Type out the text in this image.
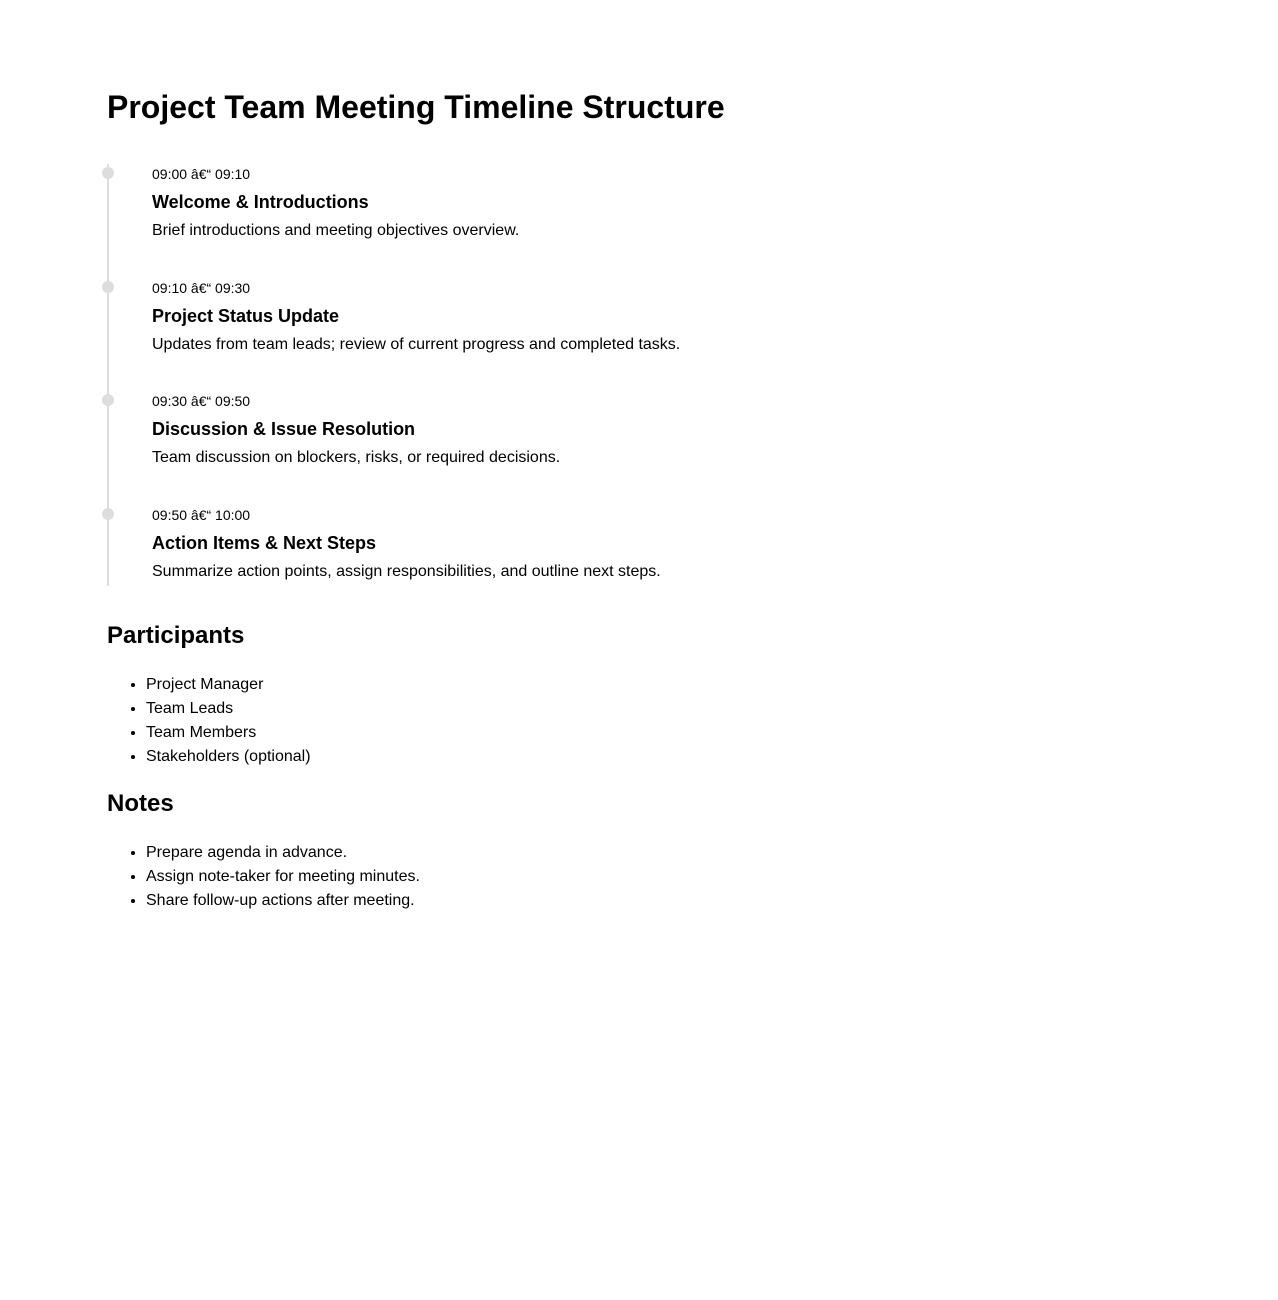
Project Team Meeting Timeline Structure
09:00 â€“ 09:10
Welcome & Introductions
Brief introductions and meeting objectives overview.
09:10 â€“ 09:30
Project Status Update
Updates from team leads; review of current progress and completed tasks.
09:30 â€“ 09:50
Discussion & Issue Resolution
Team discussion on blockers, risks, or required decisions.
09:50 â€“ 10:00
Action Items & Next Steps
Summarize action points, assign responsibilities, and outline next steps.
Participants
• Project Manager
• Team Leads
• Team Members
• Stakeholders (optional)
Notes
• Prepare agenda in advance.
• Assign note-taker for meeting minutes.
• Share follow-up actions after meeting.
